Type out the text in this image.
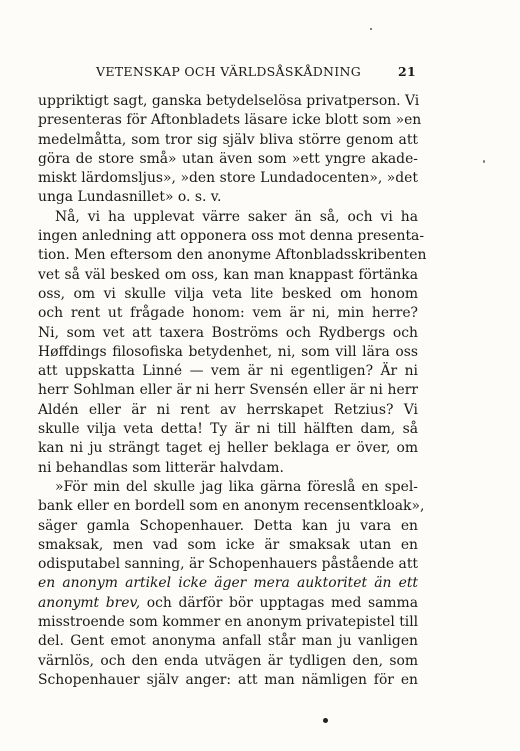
VETENSKAP OCH VÄRLDSÅSKÅDNING	21
uppriktigt sagt, ganska betydelselösa privatperson. Vi
presenteras för Aftonbladets läsare icke blott som »en
medelmåtta, som tror sig själv bliva större genom att
göra de store små» utan även som »ett yngre akade-
miskt lärdomsljus», »den store Lundadocenten», »det
unga Lundasnillet» o. s. v.
Nå, vi ha upplevat värre saker än så, och vi ha
ingen anledning att opponera oss mot denna presenta-
tion. Men eftersom den anonyme Aftonbladsskribenten
vet så väl besked om oss, kan man knappast förtänka
oss, om vi skulle vilja veta lite besked om honom
och rent ut frågade honom: vem är ni, min herre?
Ni, som vet att taxera Boströms och Rydbergs och
Høffdings filosofiska betydenhet, ni, som vill lära oss
att uppskatta Linné — vem är ni egentligen? Är ni
herr Sohlman eller är ni herr Svensén eller är ni herr
Aldén eller är ni rent av herrskapet Retzius? Vi
skulle vilja veta detta! Ty är ni till hälften dam, så
kan ni ju strängt taget ej heller beklaga er över, om
ni behandlas som litterär halvdam.
»För min del skulle jag lika gärna föreslå en spel-
bank eller en bordell som en anonym recensentkloak»,
säger gamla Schopenhauer. Detta kan ju vara en
smaksak, men vad som icke är smaksak utan en
odisputabel sanning, är Schopenhauers påstående att
en anonym artikel icke äger mera auktoritet än ett
anonymt brev, och därför bör upptagas med samma
misstroende som kommer en anonym privatepistel till
del. Gent emot anonyma anfall står man ju vanligen
värnlös, och den enda utvägen är tydligen den, som
Schopenhauer själv anger: att man nämligen för en
